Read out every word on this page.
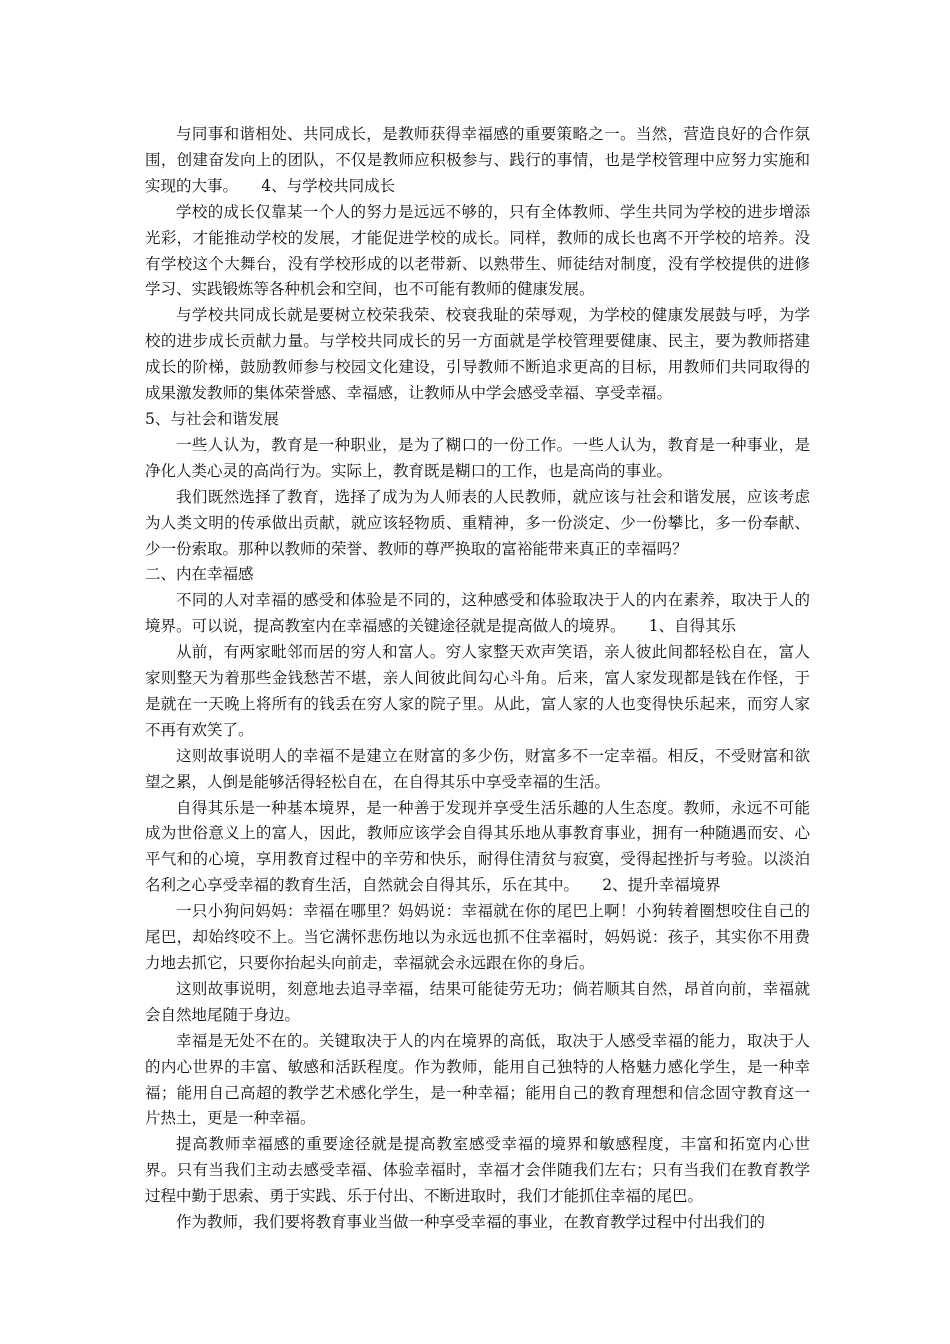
与同事和谐相处、共同成长，是教师获得幸福感的重要策略之一。当然，营造良好的合作氛围，创建奋发向上的团队，不仅是教师应积极参与、践行的事情，也是学校管理中应努力实施和实现的大事。　　4、与学校共同成长

学校的成长仅靠某一个人的努力是远远不够的，只有全体教师、学生共同为学校的进步增添光彩，才能推动学校的发展，才能促进学校的成长。同样，教师的成长也离不开学校的培养。没有学校这个大舞台，没有学校形成的以老带新、以熟带生、师徒结对制度，没有学校提供的进修学习、实践锻炼等各种机会和空间，也不可能有教师的健康发展。

与学校共同成长就是要树立校荣我荣、校衰我耻的荣辱观，为学校的健康发展鼓与呼，为学校的进步成长贡献力量。与学校共同成长的另一方面就是学校管理要健康、民主，要为教师搭建成长的阶梯，鼓励教师参与校园文化建设，引导教师不断追求更高的目标，用教师们共同取得的成果激发教师的集体荣誉感、幸福感，让教师从中学会感受幸福、享受幸福。

5、与社会和谐发展

一些人认为，教育是一种职业，是为了糊口的一份工作。一些人认为，教育是一种事业，是净化人类心灵的高尚行为。实际上，教育既是糊口的工作，也是高尚的事业。

我们既然选择了教育，选择了成为为人师表的人民教师，就应该与社会和谐发展，应该考虑为人类文明的传承做出贡献，就应该轻物质、重精神，多一份淡定、少一份攀比，多一份奉献、少一份索取。那种以教师的荣誉、教师的尊严换取的富裕能带来真正的幸福吗？

二、内在幸福感

不同的人对幸福的感受和体验是不同的，这种感受和体验取决于人的内在素养，取决于人的境界。可以说，提高教室内在幸福感的关键途径就是提高做人的境界。　　1、自得其乐

从前，有两家毗邻而居的穷人和富人。穷人家整天欢声笑语，亲人彼此间都轻松自在，富人家则整天为着那些金钱愁苦不堪，亲人间彼此间勾心斗角。后来，富人家发现都是钱在作怪，于是就在一天晚上将所有的钱丢在穷人家的院子里。从此，富人家的人也变得快乐起来，而穷人家不再有欢笑了。

这则故事说明人的幸福不是建立在财富的多少伤，财富多不一定幸福。相反，不受财富和欲望之累，人倒是能够活得轻松自在，在自得其乐中享受幸福的生活。

自得其乐是一种基本境界，是一种善于发现并享受生活乐趣的人生态度。教师，永远不可能成为世俗意义上的富人，因此，教师应该学会自得其乐地从事教育事业，拥有一种随遇而安、心平气和的心境，享用教育过程中的辛劳和快乐，耐得住清贫与寂寞，受得起挫折与考验。以淡泊名利之心享受幸福的教育生活，自然就会自得其乐，乐在其中。　　2、提升幸福境界

一只小狗问妈妈：幸福在哪里？妈妈说：幸福就在你的尾巴上啊！小狗转着圈想咬住自己的尾巴，却始终咬不上。当它满怀悲伤地以为永远也抓不住幸福时，妈妈说：孩子，其实你不用费力地去抓它，只要你抬起头向前走，幸福就会永远跟在你的身后。

这则故事说明，刻意地去追寻幸福，结果可能徒劳无功；倘若顺其自然，昂首向前，幸福就会自然地尾随于身边。

幸福是无处不在的。关键取决于人的内在境界的高低，取决于人感受幸福的能力，取决于人的内心世界的丰富、敏感和活跃程度。作为教师，能用自己独特的人格魅力感化学生，是一种幸福；能用自己高超的教学艺术感化学生，是一种幸福；能用自己的教育理想和信念固守教育这一片热土，更是一种幸福。

提高教师幸福感的重要途径就是提高教室感受幸福的境界和敏感程度，丰富和拓宽内心世界。只有当我们主动去感受幸福、体验幸福时，幸福才会伴随我们左右；只有当我们在教育教学过程中勤于思索、勇于实践、乐于付出、不断进取时，我们才能抓住幸福的尾巴。

作为教师，我们要将教育事业当做一种享受幸福的事业，在教育教学过程中付出我们的
